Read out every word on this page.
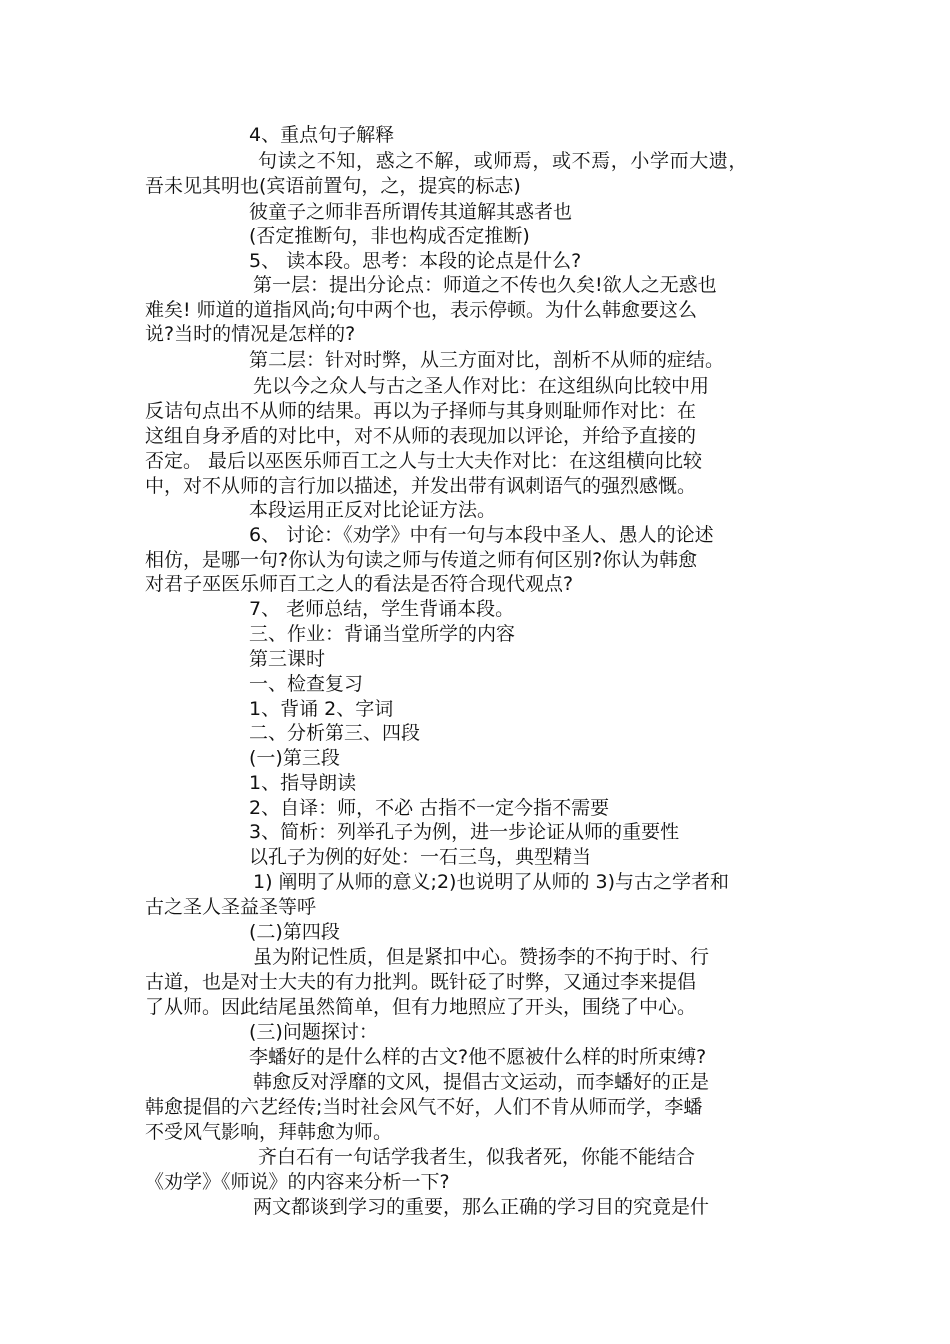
4、重点句子解释
句读之不知，惑之不解，或师焉，或不焉，小学而大遗，
吾未见其明也(宾语前置句，之，提宾的标志)
彼童子之师非吾所谓传其道解其惑者也
(否定推断句，非也构成否定推断)
5、 读本段。思考：本段的论点是什么?
第一层：提出分论点：师道之不传也久矣!欲人之无惑也
难矣! 师道的道指风尚;句中两个也，表示停顿。为什么韩愈要这么
说?当时的情况是怎样的?
第二层：针对时弊，从三方面对比，剖析不从师的症结。
先以今之众人与古之圣人作对比：在这组纵向比较中用
反诘句点出不从师的结果。再以为子择师与其身则耻师作对比：在
这组自身矛盾的对比中，对不从师的表现加以评论，并给予直接的
否定。 最后以巫医乐师百工之人与士大夫作对比：在这组横向比较
中，对不从师的言行加以描述，并发出带有讽刺语气的强烈感慨。
本段运用正反对比论证方法。
6、 讨论：《劝学》中有一句与本段中圣人、愚人的论述
相仿，是哪一句?你认为句读之师与传道之师有何区别?你认为韩愈
对君子巫医乐师百工之人的看法是否符合现代观点?
7、 老师总结，学生背诵本段。
三、作业：背诵当堂所学的内容
第三课时
一、检查复习
1、背诵 2、字词
二、分析第三、四段
(一)第三段
1、指导朗读
2、自译：师，不必 古指不一定今指不需要
3、简析：列举孔子为例，进一步论证从师的重要性
以孔子为例的好处：一石三鸟，典型精当
1) 阐明了从师的意义;2)也说明了从师的 3)与古之学者和
古之圣人圣益圣等呼
(二)第四段
虽为附记性质，但是紧扣中心。赞扬李的不拘于时、行
古道，也是对士大夫的有力批判。既针砭了时弊，又通过李来提倡
了从师。因此结尾虽然简单，但有力地照应了开头，围绕了中心。
(三)问题探讨：
李蟠好的是什么样的古文?他不愿被什么样的时所束缚?
韩愈反对浮靡的文风，提倡古文运动，而李蟠好的正是
韩愈提倡的六艺经传;当时社会风气不好，人们不肯从师而学，李蟠
不受风气影响，拜韩愈为师。
齐白石有一句话学我者生，似我者死，你能不能结合
《劝学》《师说》的内容来分析一下?
两文都谈到学习的重要，那么正确的学习目的究竟是什
